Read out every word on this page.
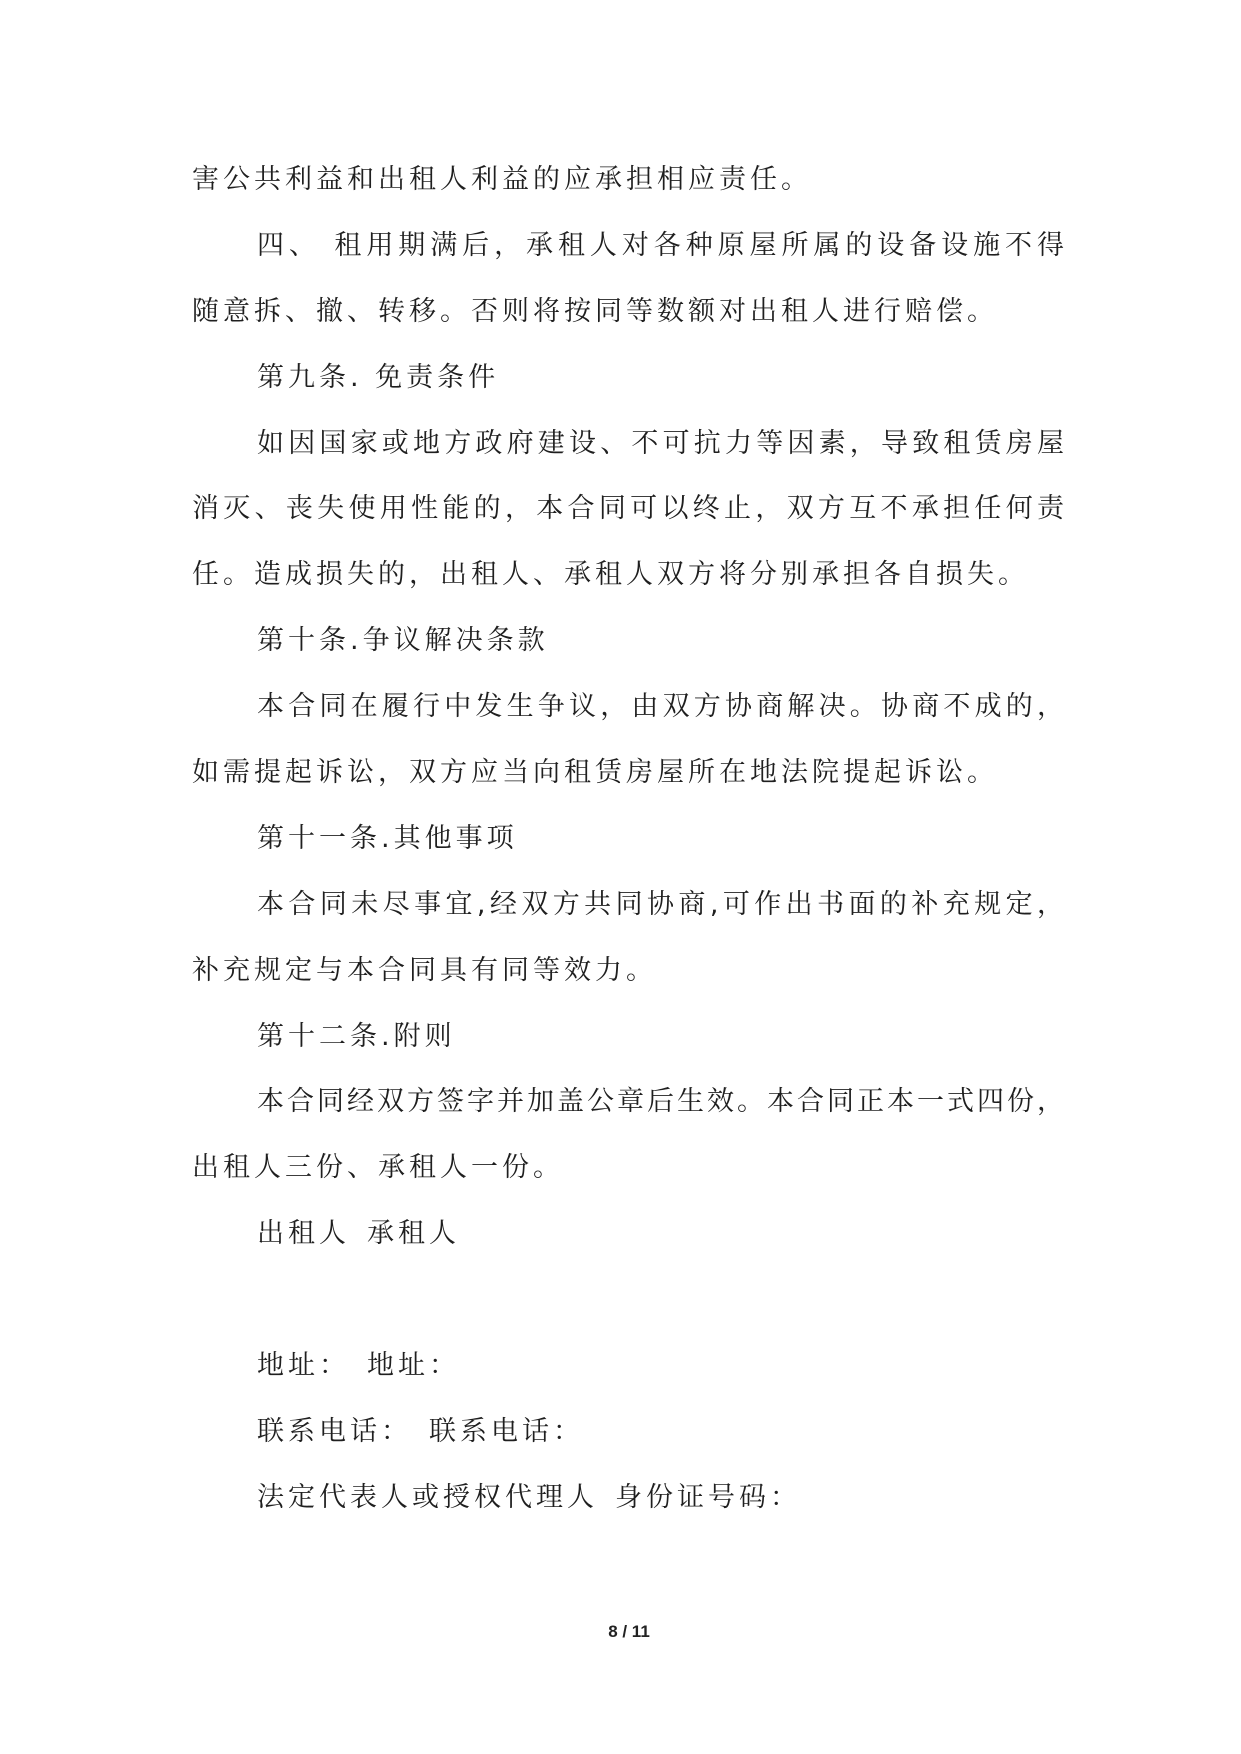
害公共利益和出租人利益的应承担相应责任。
四、 租用期满后，承租人对各种原屋所属的设备设施不得
随意拆、撤、转移。否则将按同等数额对出租人进行赔偿。
第九条. 免责条件
如因国家或地方政府建设、不可抗力等因素，导致租赁房屋
消灭、丧失使用性能的，本合同可以终止，双方互不承担任何责
任。造成损失的，出租人、承租人双方将分别承担各自损失。
第十条.争议解决条款
本合同在履行中发生争议，由双方协商解决。协商不成的，
如需提起诉讼，双方应当向租赁房屋所在地法院提起诉讼。
第十一条.其他事项
本合同未尽事宜,经双方共同协商,可作出书面的补充规定，
补充规定与本合同具有同等效力。
第十二条.附则
本合同经双方签字并加盖公章后生效。本合同正本一式四份，
出租人三份、承租人一份。
出租人 承租人
地址： 地址：
联系电话： 联系电话：
法定代表人或授权代理人 身份证号码：
8 / 11
